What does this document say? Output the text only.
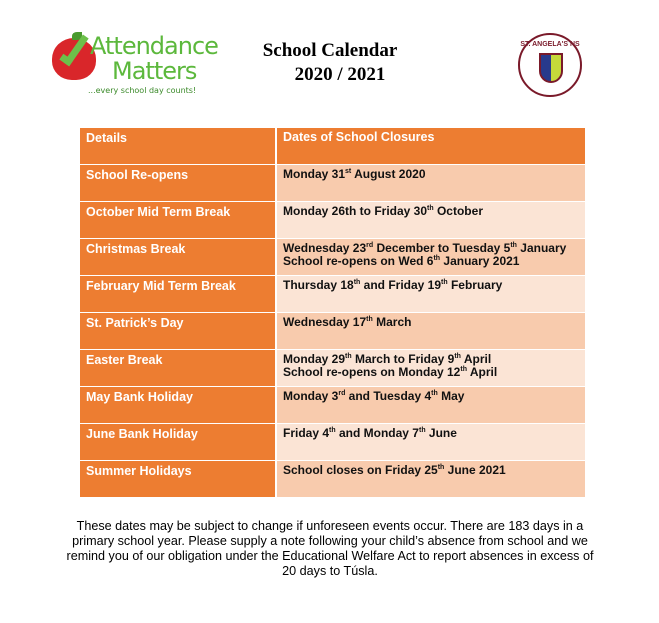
Attendance
Matters
...every school day counts!
School Calendar
2020 / 2021
ST. ANGELA'S NS
Details	Dates of School Closures
School Re-opens	Monday 31st August 2020
October Mid Term Break	Monday 26th to Friday 30th October
Christmas Break	Wednesday 23rd December to Tuesday 5th January
School re-opens on Wed 6th January 2021
February Mid Term Break	Thursday 18th and Friday 19th February
St. Patrick’s Day	Wednesday 17th March
Easter Break	Monday 29th March to Friday 9th April
School re-opens on Monday 12th April
May Bank Holiday	Monday 3rd and Tuesday 4th May
June Bank Holiday	Friday 4th and Monday 7th June
Summer Holidays	School closes on Friday 25th June 2021
These dates may be subject to change if unforeseen events occur. There are 183 days in a primary school year. Please supply a note following your child’s absence from school and we remind you of our obligation under the Educational Welfare Act to report absences in excess of 20 days to Túsla.
